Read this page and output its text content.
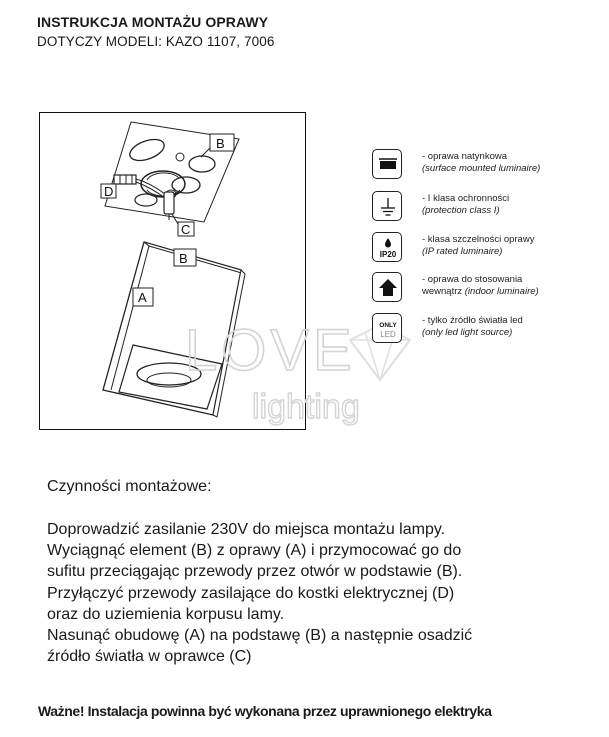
INSTRUKCJA MONTAŻU OPRAWY
DOTYCZY MODELI: KAZO 1107, 7006
B
D
C
B
A
LOVE
lighting
- oprawa natynkowa
(surface mounted luminaire)
- I klasa ochronności
(protection class I)
IP20
- klasa szczelności oprawy
(IP rated luminaire)
- oprawa do stosowania
wewnątrz (indoor luminaire)
ONLY
LED
- tylko źródło światła led
(only led light source)
Czynności montażowe:
Doprowadzić zasilanie 230V do miejsca montażu lampy.
Wyciągnąć element (B) z oprawy (A) i przymocować go do
sufitu przeciągając przewody przez otwór w podstawie (B).
Przyłączyć przewody zasilające do kostki elektrycznej (D)
oraz do uziemienia korpusu lamy.
Nasunąć obudowę (A) na podstawę (B) a następnie osadzić
źródło światła w oprawce (C)
Ważne! Instalacja powinna być wykonana przez uprawnionego elektryka
